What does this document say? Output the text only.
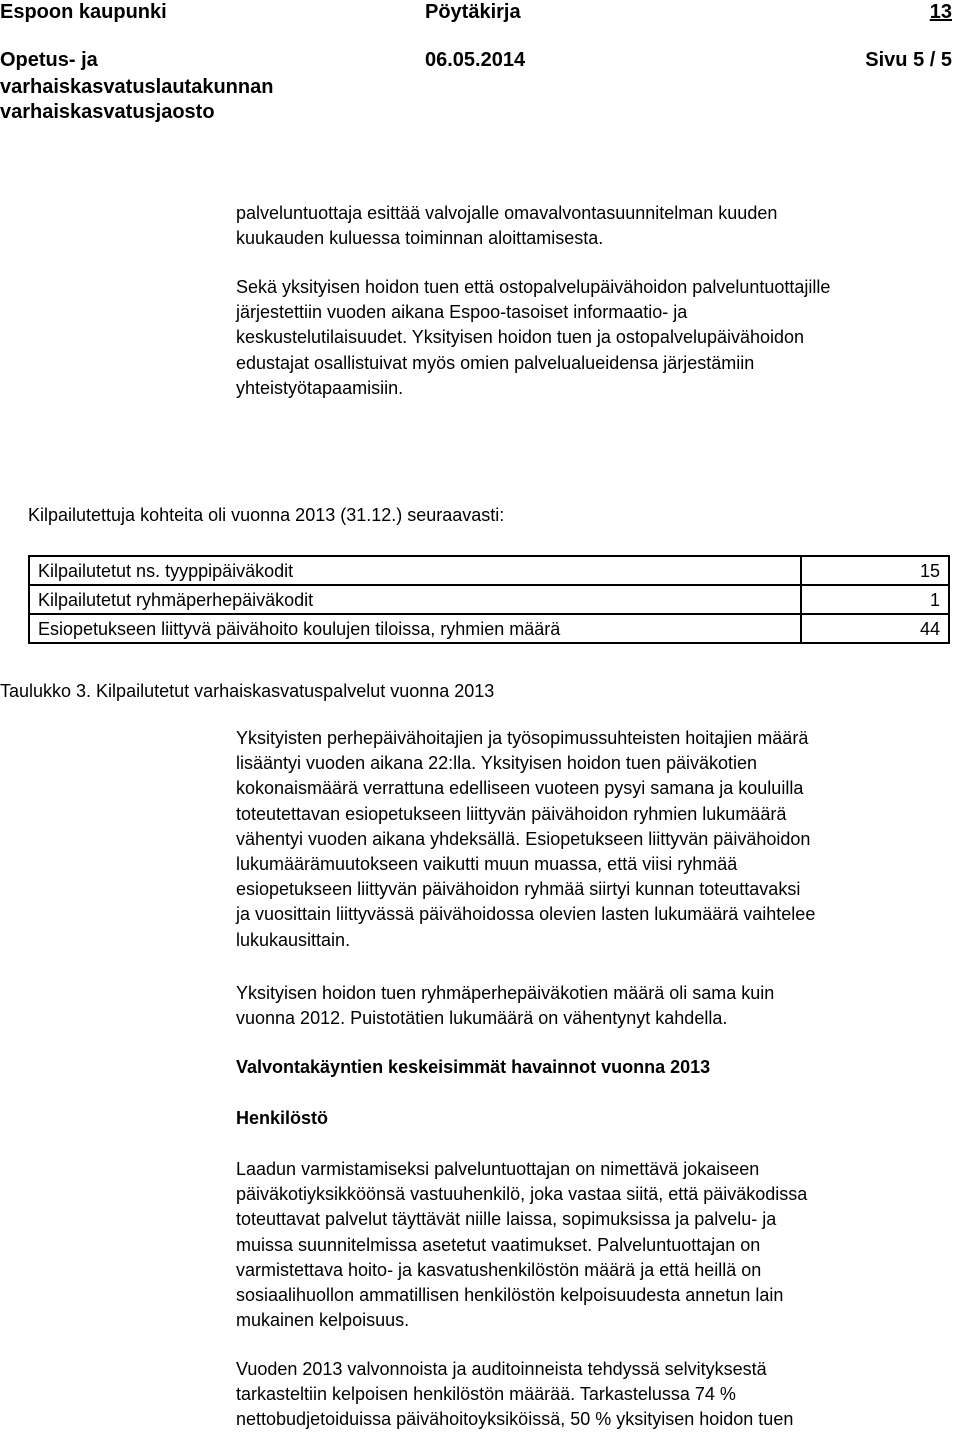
Espoon kaupunki	Pöytäkirja	13
Opetus- ja
varhaiskasvatuslautakunnan
varhaiskasvatusjaosto
06.05.2014	Sivu 5 / 5
palveluntuottaja esittää valvojalle omavalvontasuunnitelman kuuden
kuukauden kuluessa toiminnan aloittamisesta.
Sekä yksityisen hoidon tuen että ostopalvelupäivähoidon palveluntuottajille
järjestettiin vuoden aikana Espoo-tasoiset informaatio- ja
keskustelutilaisuudet. Yksityisen hoidon tuen ja ostopalvelupäivähoidon
edustajat osallistuivat myös omien palvelualueidensa järjestämiin
yhteistyötapaamisiin.
Kilpailutettuja kohteita oli vuonna 2013 (31.12.) seuraavasti:
Kilpailutetut ns. tyyppipäiväkodit	15
Kilpailutetut ryhmäperhepäiväkodit	1
Esiopetukseen liittyvä päivähoito koulujen tiloissa, ryhmien määrä	44
Taulukko 3. Kilpailutetut varhaiskasvatuspalvelut vuonna 2013
Yksityisten perhepäivähoitajien ja työsopimussuhteisten hoitajien määrä
lisääntyi vuoden aikana 22:lla. Yksityisen hoidon tuen päiväkotien
kokonaismäärä verrattuna edelliseen vuoteen pysyi samana ja kouluilla
toteutettavan esiopetukseen liittyvän päivähoidon ryhmien lukumäärä
vähentyi vuoden aikana yhdeksällä. Esiopetukseen liittyvän päivähoidon
lukumäärämuutokseen vaikutti muun muassa, että viisi ryhmää
esiopetukseen liittyvän päivähoidon ryhmää siirtyi kunnan toteuttavaksi
ja vuosittain liittyvässä päivähoidossa olevien lasten lukumäärä vaihtelee
lukukausittain.
Yksityisen hoidon tuen ryhmäperhepäiväkotien määrä oli sama kuin
vuonna 2012. Puistotätien lukumäärä on vähentynyt kahdella.
Valvontakäyntien keskeisimmät havainnot vuonna 2013
Henkilöstö
Laadun varmistamiseksi palveluntuottajan on nimettävä jokaiseen
päiväkotiyksikköönsä vastuuhenkilö, joka vastaa siitä, että päiväkodissa
toteuttavat palvelut täyttävät niille laissa, sopimuksissa ja palvelu- ja
muissa suunnitelmissa asetetut vaatimukset. Palveluntuottajan on
varmistettava hoito- ja kasvatushenkilöstön määrä ja että heillä on
sosiaalihuollon ammatillisen henkilöstön kelpoisuudesta annetun lain
mukainen kelpoisuus.
Vuoden 2013 valvonnoista ja auditoinneista tehdyssä selvityksestä
tarkasteltiin kelpoisen henkilöstön määrää. Tarkastelussa 74 %
nettobudjetoiduissa päivähoitoyksiköissä, 50 % yksityisen hoidon tuen
